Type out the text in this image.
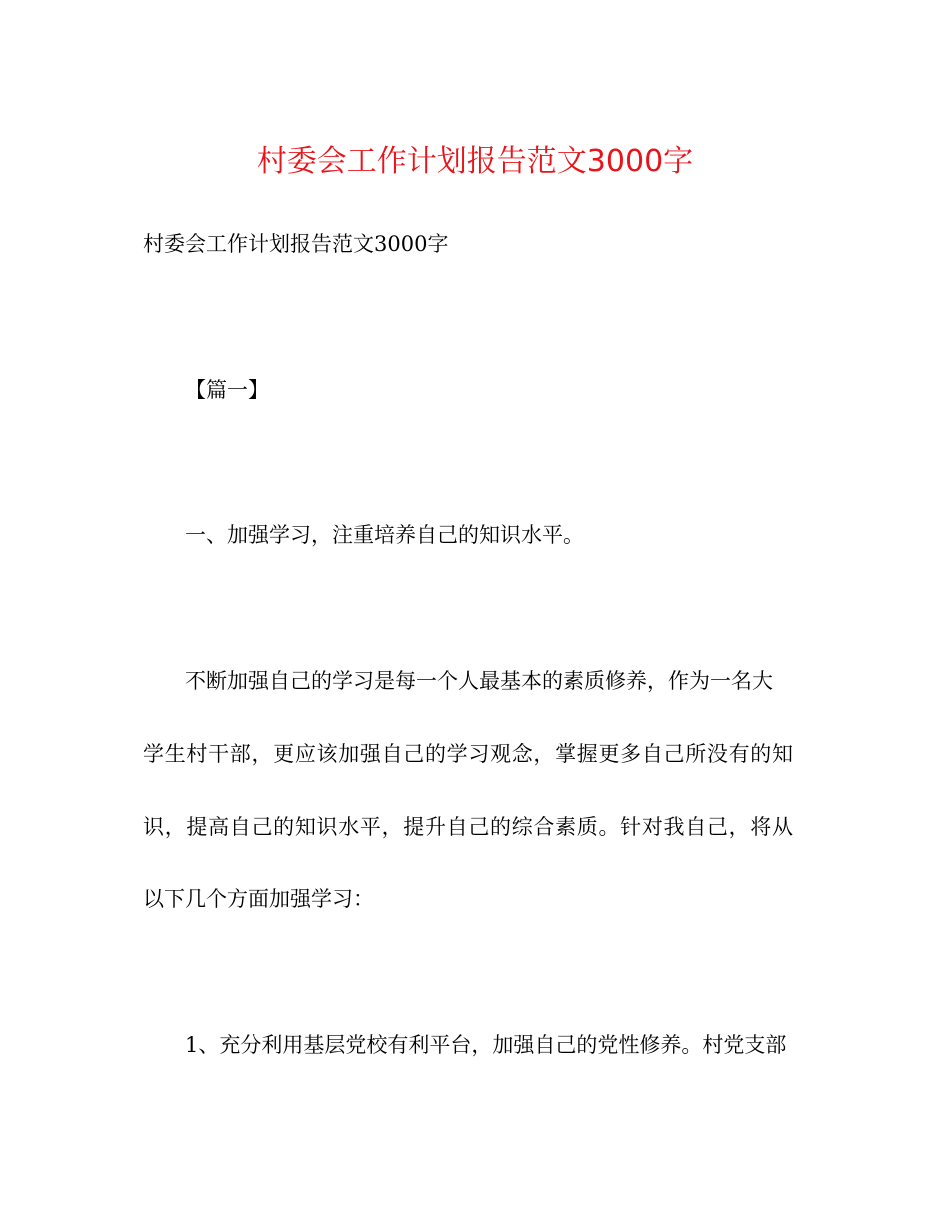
村委会工作计划报告范文3000字
村委会工作计划报告范文3000字
【篇一】
一、加强学习，注重培养自己的知识水平。
不断加强自己的学习是每一个人最基本的素质修养，作为一名大
学生村干部，更应该加强自己的学习观念，掌握更多自己所没有的知
识，提高自己的知识水平，提升自己的综合素质。针对我自己，将从
以下几个方面加强学习：
1、充分利用基层党校有利平台，加强自己的党性修养。村党支部
